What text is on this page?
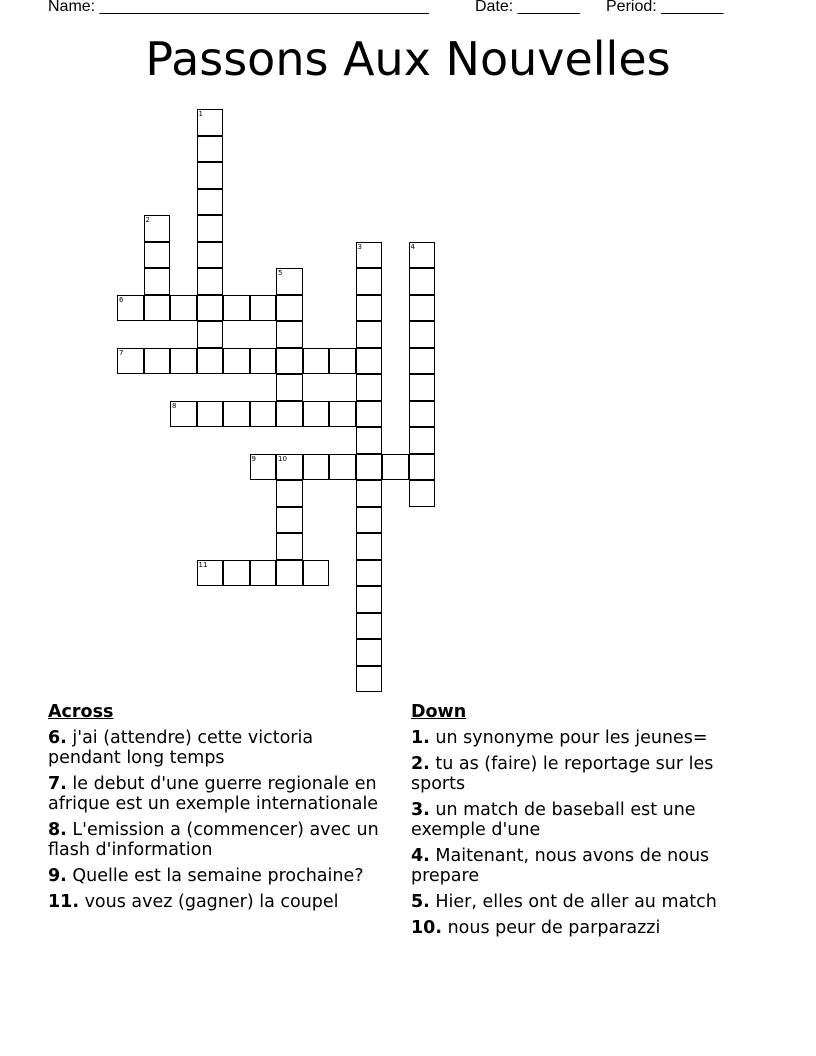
Name: _____________________________________	Date: _______ Period: _______
Passons Aux Nouvelles
1
2
3	4
5
6
7
8
9	10
11
Across
6. j'ai (attendre) cette victoria pendant long temps
7. le debut d'une guerre regionale en afrique est un exemple internationale
8. L'emission a (commencer) avec un flash d'information
9. Quelle est la semaine prochaine?
11. vous avez (gagner) la coupel
Down
1. un synonyme pour les jeunes=
2. tu as (faire) le reportage sur les sports
3. un match de baseball est une exemple d'une
4. Maitenant, nous avons de nous prepare
5. Hier, elles ont de aller au match
10. nous peur de parparazzi
